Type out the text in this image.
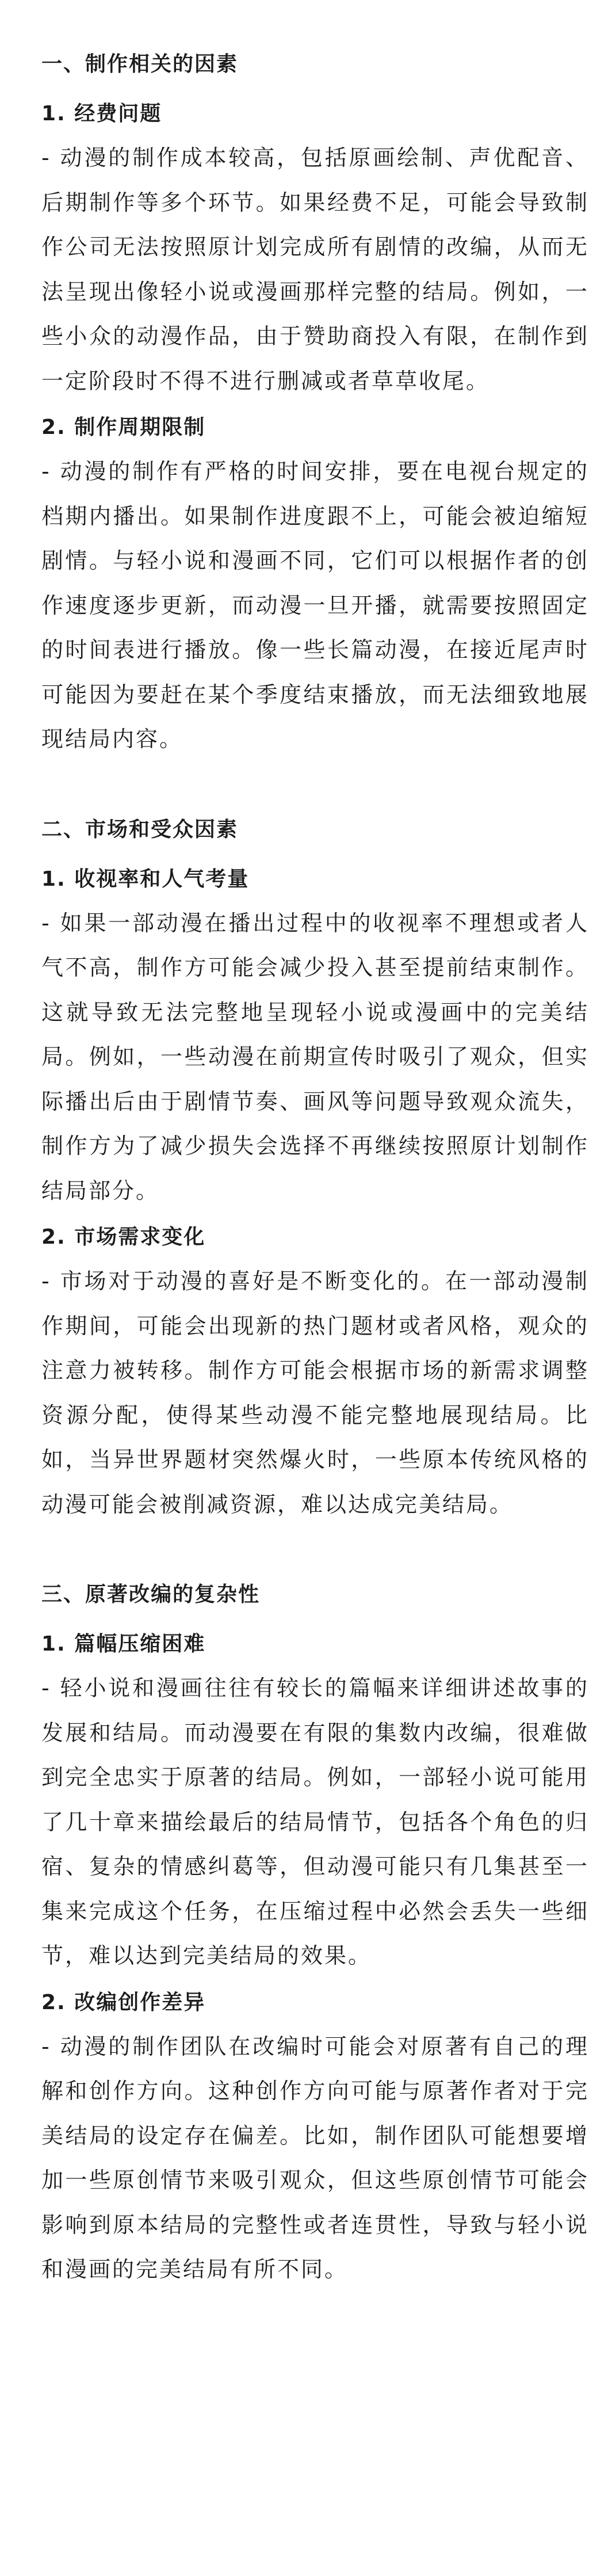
一、制作相关的因素
1. 经费问题

- 动漫的制作成本较高，包括原画绘制、声优配音、后期制作等多个环节。如果经费不足，可能会导致制作公司无法按照原计划完成所有剧情的改编，从而无法呈现出像轻小说或漫画那样完整的结局。例如，一些小众的动漫作品，由于赞助商投入有限，在制作到一定阶段时不得不进行删减或者草草收尾。

2. 制作周期限制

- 动漫的制作有严格的时间安排，要在电视台规定的档期内播出。如果制作进度跟不上，可能会被迫缩短剧情。与轻小说和漫画不同，它们可以根据作者的创作速度逐步更新，而动漫一旦开播，就需要按照固定的时间表进行播放。像一些长篇动漫，在接近尾声时可能因为要赶在某个季度结束播放，而无法细致地展现结局内容。

二、市场和受众因素
1. 收视率和人气考量

- 如果一部动漫在播出过程中的收视率不理想或者人气不高，制作方可能会减少投入甚至提前结束制作。这就导致无法完整地呈现轻小说或漫画中的完美结局。例如，一些动漫在前期宣传时吸引了观众，但实际播出后由于剧情节奏、画风等问题导致观众流失，制作方为了减少损失会选择不再继续按照原计划制作结局部分。

2. 市场需求变化

- 市场对于动漫的喜好是不断变化的。在一部动漫制作期间，可能会出现新的热门题材或者风格，观众的注意力被转移。制作方可能会根据市场的新需求调整资源分配，使得某些动漫不能完整地展现结局。比如，当异世界题材突然爆火时，一些原本传统风格的动漫可能会被削减资源，难以达成完美结局。

三、原著改编的复杂性
1. 篇幅压缩困难

- 轻小说和漫画往往有较长的篇幅来详细讲述故事的发展和结局。而动漫要在有限的集数内改编，很难做到完全忠实于原著的结局。例如，一部轻小说可能用了几十章来描绘最后的结局情节，包括各个角色的归宿、复杂的情感纠葛等，但动漫可能只有几集甚至一集来完成这个任务，在压缩过程中必然会丢失一些细节，难以达到完美结局的效果。

2. 改编创作差异

- 动漫的制作团队在改编时可能会对原著有自己的理解和创作方向。这种创作方向可能与原著作者对于完美结局的设定存在偏差。比如，制作团队可能想要增加一些原创情节来吸引观众，但这些原创情节可能会影响到原本结局的完整性或者连贯性，导致与轻小说和漫画的完美结局有所不同。
